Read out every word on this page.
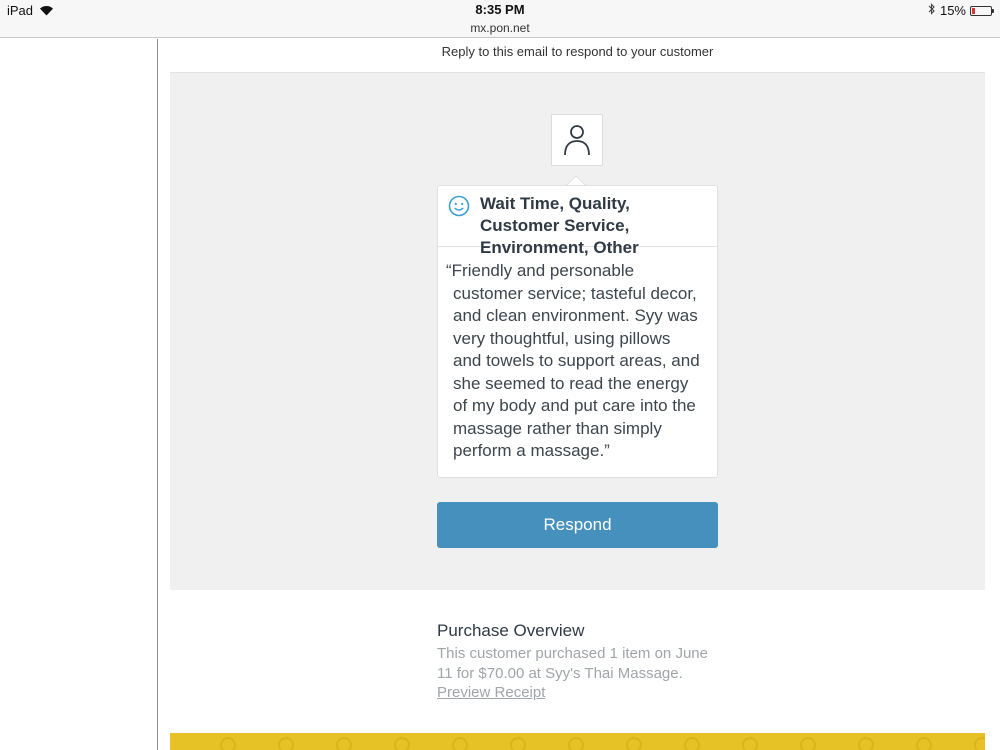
iPad	8:35 PM
mx.pon.net
15%
Reply to this email to respond to your customer
Wait Time, Quality, Customer Service, Environment, Other
“Friendly and personable customer service; tasteful decor, and clean environment. Syy was very thoughtful, using pillows and towels to support areas, and she seemed to read the energy of my body and put care into the massage rather than simply perform a massage.”
Respond
Purchase Overview
This customer purchased 1 item on June 11 for $70.00 at Syy's Thai Massage.
Preview Receipt
